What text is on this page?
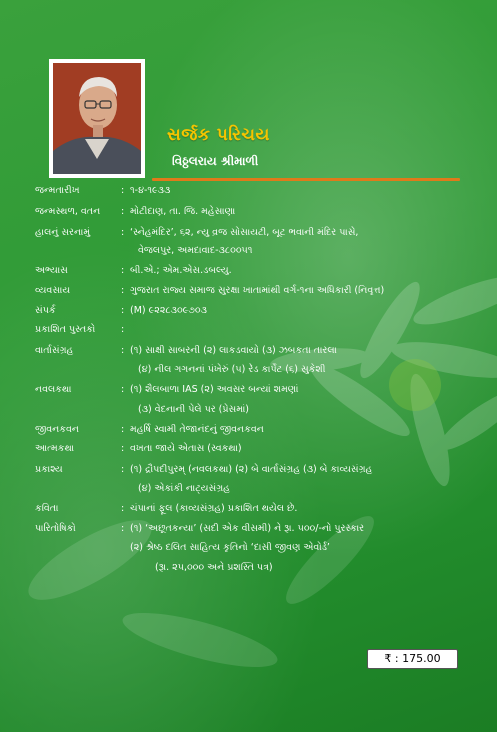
સર્જક પરિચય
વિઠ્ઠલરાય શ્રીમાળી
જન્મતારીખ	: ૧-૪-૧૯૩૩
જન્મસ્થળ, વતન : મોટીદાણ, તા. જિ. મહેસાણા
હાલનું સરનામું	: ‘સ્નેહમંદિર’, ૬૨, ન્યુ વ્રજ સોસાયટી, બૂટ ભવાની મંદિર પાસે,
વેજલપુર, અમદાવાદ-૩૮૦૦૫૧
અભ્યાસ	: બી.એ.; એમ.એસ.ડબલ્યુ.
વ્યવસાય	: ગુજરાત રાજ્ય સમાજ સુરક્ષા ખાતામાંથી વર્ગ-૧ના અધિકારી (નિવૃત્ત)
સંપર્ક	: (M) ૯૨૨૮૩૦૯૭૦૩
પ્રકાશિત પુસ્તકો	:
વાર્તાસંગ્રહ	: (૧) સાક્ષી સાબરની (૨) લાકડવાયો (૩) ઝબકતા તારલા
(૪) નીલ ગગનનાં પંખેરું (૫) રેડ કાર્પેટ (૬) સુકેશી
નવલકથા	: (૧) શૈલબાળા IAS (૨) અવસર બન્યાં શમણાં
(૩) વેદનાની પેલે પર (પ્રેસમાં)
જીવનકવન	: મહર્ષિ સ્વામી તેજાનંદનું જીવનકવન
આત્મકથા	: વખતા જાયે એતાસ (સ્વકથા)
પ્રકાશ્ય	: (૧) દ્રૌપદીપુરમ્ (નવલકથા) (૨) બે વાર્તાસંગ્રહ (૩) બે કાવ્યસંગ્રહ
(૪) એકાંકી નાટ્યસંગ્રહ
કવિતા	: ચંપાનાં ફૂલ (કાવ્યસંગ્રહ) પ્રકાશિત થયેલ છે.
પારિતોષિકો	: (૧) ‘અછૂતકન્યા’ (સદી એક વીસમી) ને રૂા. ૫૦૦/-નો પુરસ્કાર
(૨) શ્રેષ્ઠ દલિત સાહિત્ય કૃતિનો ‘દાસી જીવણ એવોર્ડ’
(રૂા. ૨૫,૦૦૦ અને પ્રશસ્તિ પત્ર)
₹ : 175.00
